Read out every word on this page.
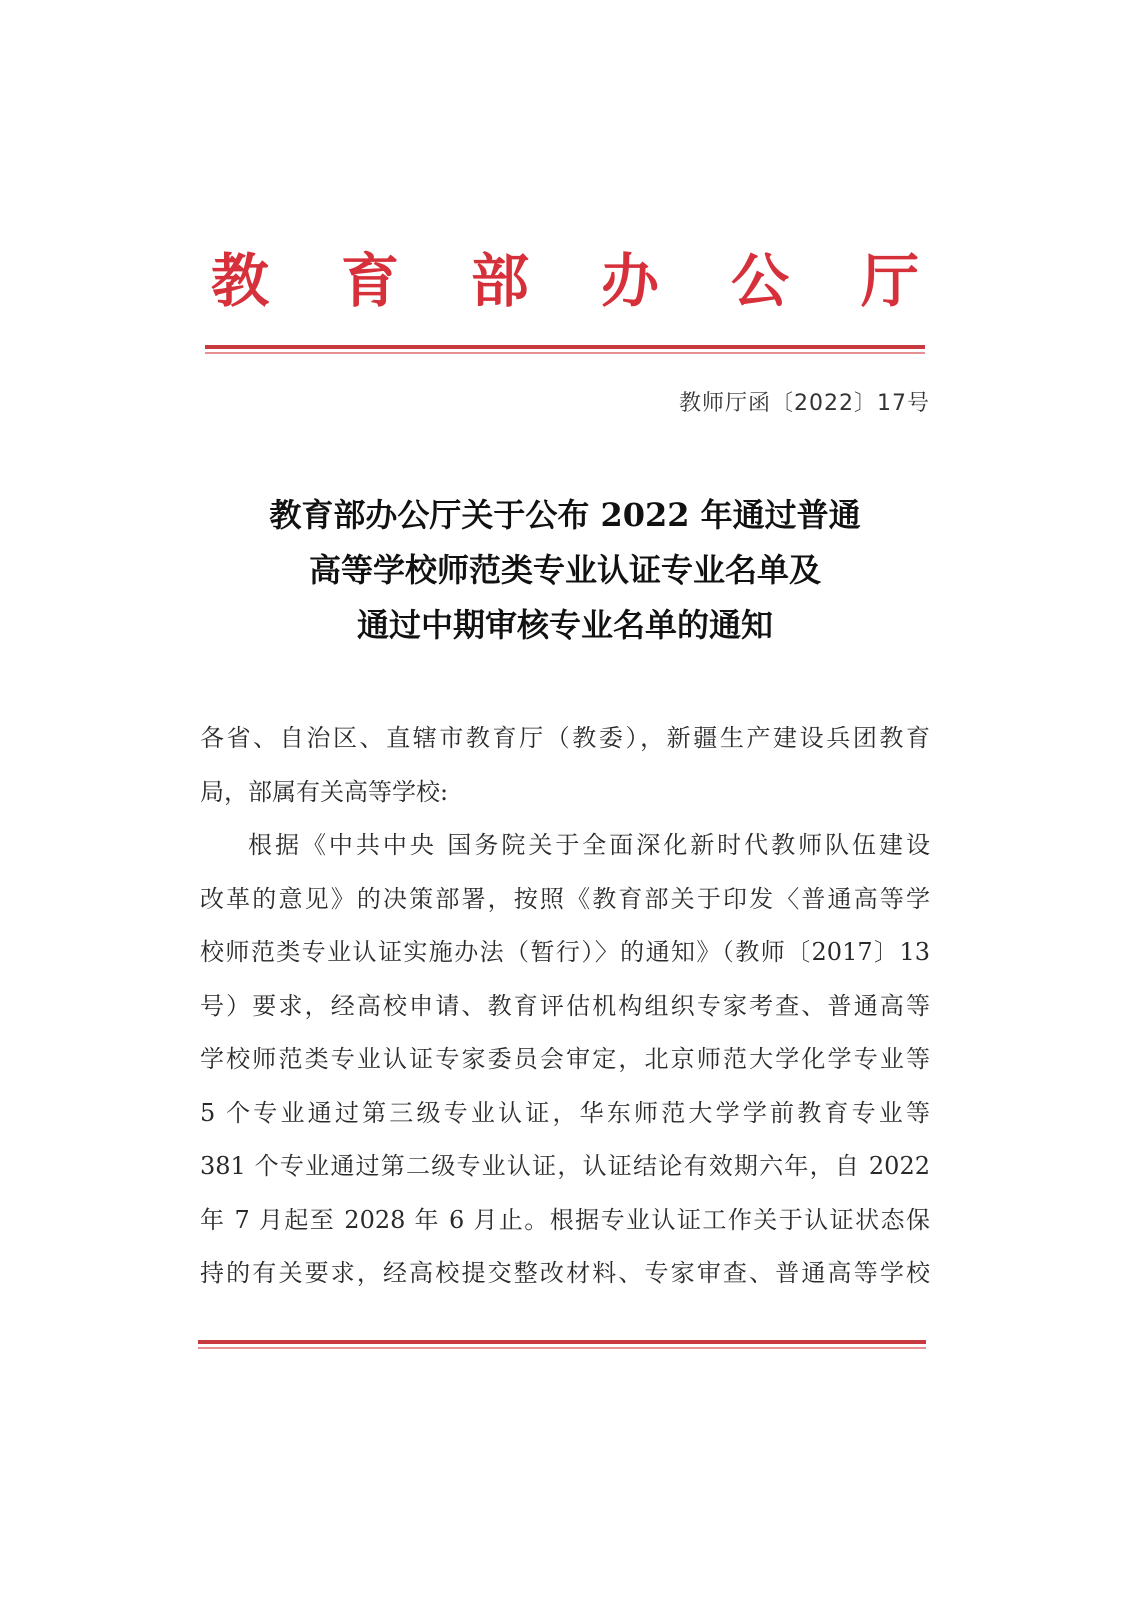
教 育 部 办 公 厅
教师厅函〔2022〕17号
教育部办公厅关于公布 2022 年通过普通
高等学校师范类专业认证专业名单及
通过中期审核专业名单的通知
各省、自治区、直辖市教育厅（教委），新疆生产建设兵团教育
局，部属有关高等学校:
根据《中共中央 国务院关于全面深化新时代教师队伍建设
改革的意见》的决策部署，按照《教育部关于印发〈普通高等学
校师范类专业认证实施办法（暂行）〉的通知》（教师〔2017〕13
号）要求，经高校申请、教育评估机构组织专家考查、普通高等
学校师范类专业认证专家委员会审定，北京师范大学化学专业等
5 个专业通过第三级专业认证，华东师范大学学前教育专业等
381 个专业通过第二级专业认证，认证结论有效期六年，自 2022
年 7 月起至 2028 年 6 月止。根据专业认证工作关于认证状态保
持的有关要求，经高校提交整改材料、专家审查、普通高等学校
